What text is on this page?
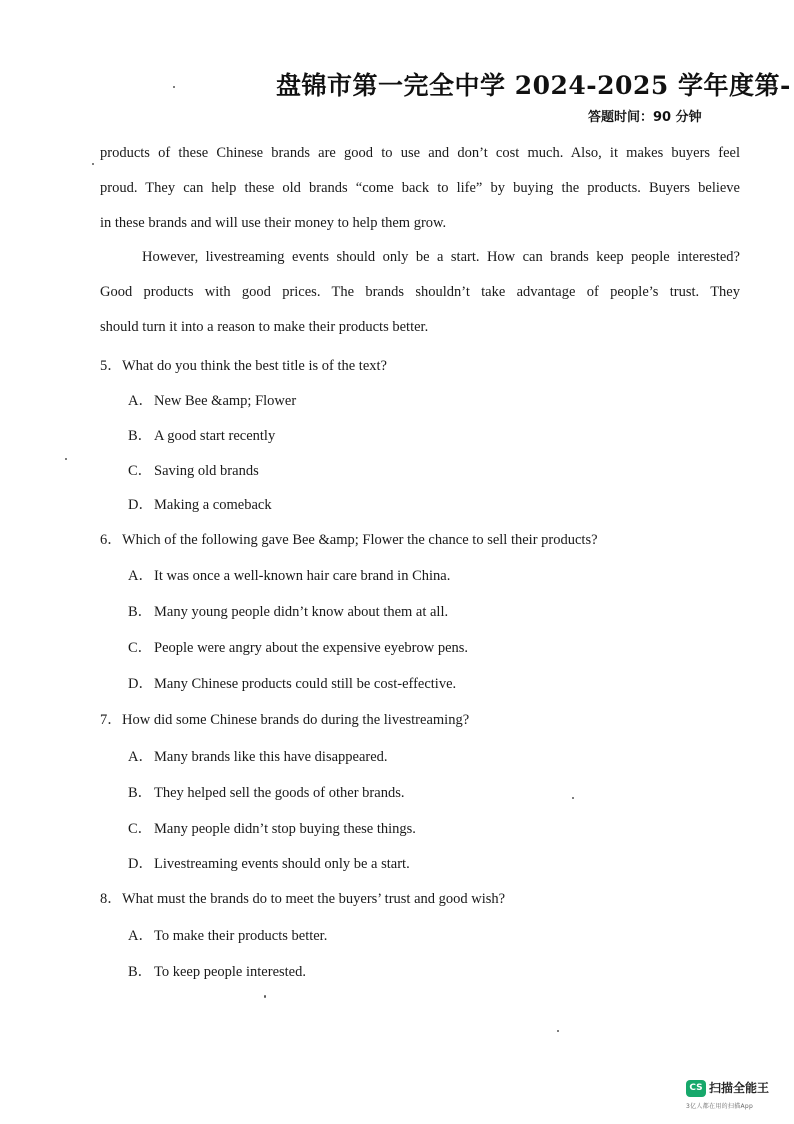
盘锦市第一完全中学 2024-2025 学年度第-
答题时间：90 分钟
products of these Chinese brands are good to use and don’t cost much. Also, it makes buyers feel
proud. They can help these old brands “come back to life” by buying the products. Buyers believe
in these brands and will use their money to help them grow.
However, livestreaming events should only be a start. How can brands keep people interested?
Good products with good prices. The brands shouldn’t take advantage of people’s trust. They
should turn it into a reason to make their products better.
5．What do you think the best title is of the text?
A．New Bee &amp; Flower
B． A good start recently
C． Saving old brands
D．Making a comeback
6．Which of the following gave Bee &amp; Flower the chance to sell their products?
A．It was once a well-known hair care brand in China.
B． Many young people didn’t know about them at all.
C． People were angry about the expensive eyebrow pens.
D．Many Chinese products could still be cost-effective.
7．How did some Chinese brands do during the livestreaming?
A．Many brands like this have disappeared.
B． They helped sell the goods of other brands.
C． Many people didn’t stop buying these things.
D．Livestreaming events should only be a start.
8．What must the brands do to meet the buyers’ trust and good wish?
A．To make their products better.
B． To keep people interested.
CS 扫描全能王
3亿人都在用的扫描App
